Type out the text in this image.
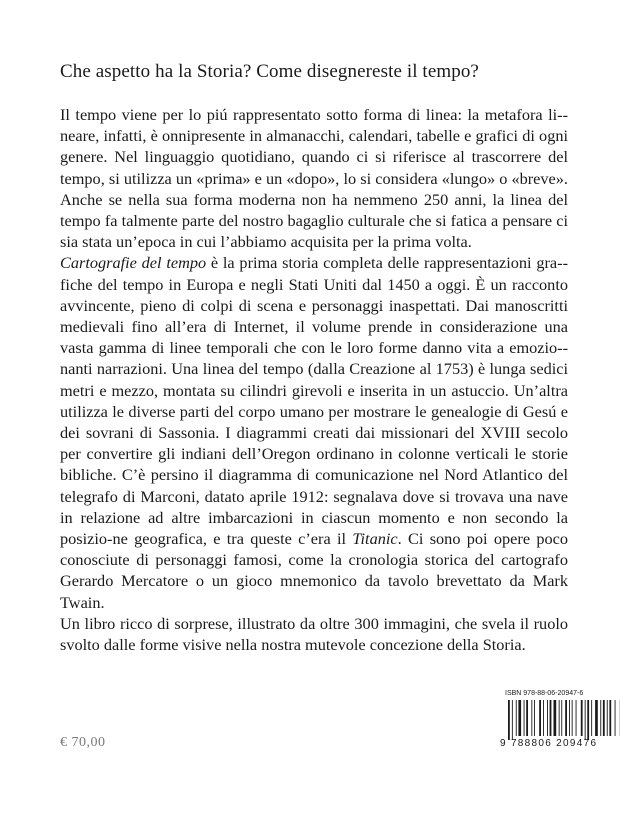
Che aspetto ha la Storia? Come disegnereste il tempo?

Il tempo viene per lo piú rappresentato sotto forma di linea: la metafora li-neare, infatti, è onnipresente in almanacchi, calendari, tabelle e grafici di ogni genere. Nel linguaggio quotidiano, quando ci si riferisce al trascorrere del tempo, si utilizza un «prima» e un «dopo», lo si considera «lungo» o «breve». Anche se nella sua forma moderna non ha nemmeno 250 anni, la linea del tempo fa talmente parte del nostro bagaglio culturale che si fatica a pensare ci sia stata un’epoca in cui l’abbiamo acquisita per la prima volta.

Cartografie del tempo è la prima storia completa delle rappresentazioni gra-fiche del tempo in Europa e negli Stati Uniti dal 1450 a oggi. È un racconto avvincente, pieno di colpi di scena e personaggi inaspettati. Dai manoscritti medievali fino all’era di Internet, il volume prende in considerazione una vasta gamma di linee temporali che con le loro forme danno vita a emozio-nanti narrazioni. Una linea del tempo (dalla Creazione al 1753) è lunga sedici metri e mezzo, montata su cilindri girevoli e inserita in un astuccio. Un’altra utilizza le diverse parti del corpo umano per mostrare le genealogie di Gesú e dei sovrani di Sassonia. I diagrammi creati dai missionari del XVIII secolo per convertire gli indiani dell’Oregon ordinano in colonne verticali le storie bibliche. C’è persino il diagramma di comunicazione nel Nord Atlantico del telegrafo di Marconi, datato aprile 1912: segnalava dove si trovava una nave in relazione ad altre imbarcazioni in ciascun momento e non secondo la posizio-ne geografica, e tra queste c’era il Titanic. Ci sono poi opere poco conosciute di personaggi famosi, come la cronologia storica del cartografo Gerardo Mercatore o un gioco mnemonico da tavolo brevettato da Mark Twain.

Un libro ricco di sorprese, illustrato da oltre 300 immagini, che svela il ruolo svolto dalle forme visive nella nostra mutevole concezione della Storia.

€ 70,00
ISBN 978-88-06-20947-6
9 788806 209476
